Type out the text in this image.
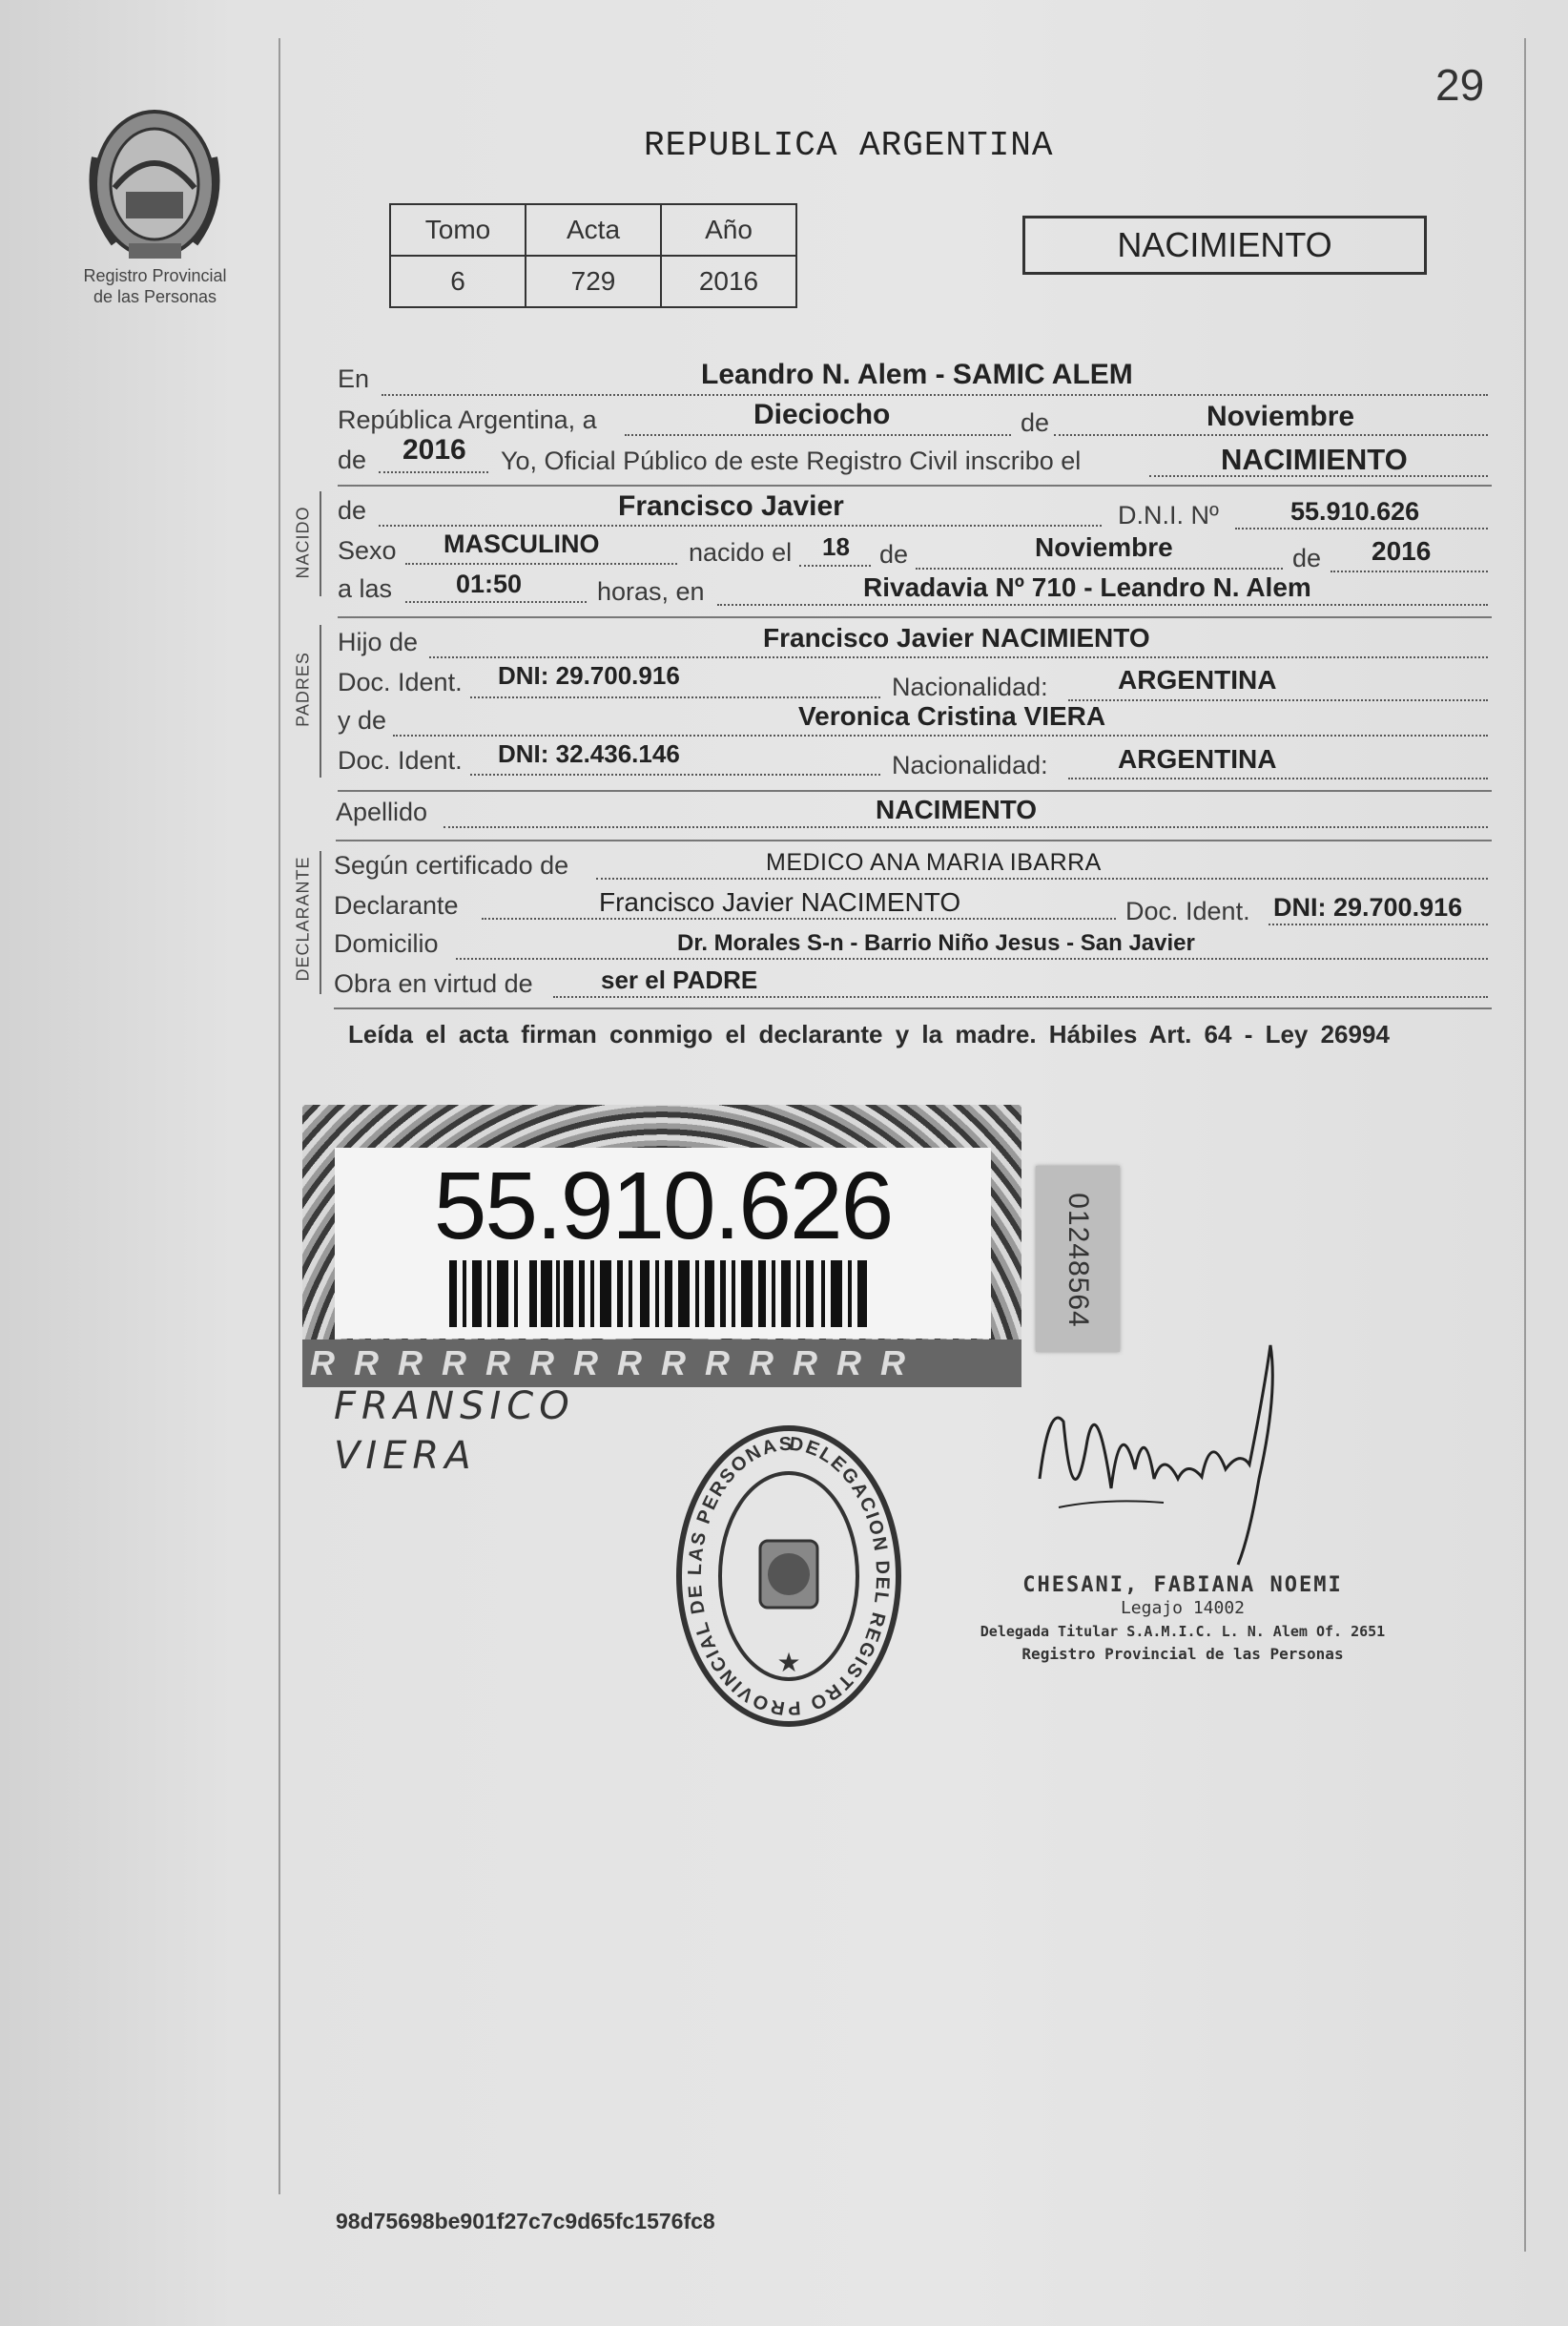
29
Registro Provincial
de las Personas
REPUBLICA ARGENTINA
Tomo	Acta	Año
6	729	2016
NACIMIENTO
En	Leandro N. Alem - SAMIC ALEM
República Argentina, a	Dieciocho	de	Noviembre
de 2016 Yo, Oficial Público de este Registro Civil inscribo el	NACIMIENTO
NACIDO de	Francisco Javier	D.N.I. Nº	55.910.626
Sexo MASCULINO	nacido el 18 de	Noviembre	de 2016
a las 01:50	horas, en	Rivadavia Nº 710 - Leandro N. Alem
PADRES
Hijo de	Francisco Javier NACIMIENTO
Doc. Ident. DNI: 29.700.916	Nacionalidad:	ARGENTINA
y de	Veronica Cristina VIERA
Doc. Ident. DNI: 32.436.146	Nacionalidad:	ARGENTINA
Apellido	NACIMENTO
DECLARANTE Según certificado de	MEDICO ANA MARIA IBARRA
Declarante	Francisco Javier NACIMENTO	Doc. Ident. DNI: 29.700.916
Domicilio	Dr. Morales S-n - Barrio Niño Jesus - San Javier
Obra en virtud de	ser el PADRE
Leída el acta firman conmigo el declarante y la madre. Hábiles Art. 64 - Ley 26994
R R R R R R R R R R R R R R
55.910.626	01248564
FRANSICO
VIERA	DELEGACION DEL REGISTRO PROVINCIAL DE LAS PERSONAS
★
CHESANI, FABIANA NOEMI
Legajo 14002
Delegada Titular S.A.M.I.C. L. N. Alem Of. 2651
Registro Provincial de las Personas
98d75698be901f27c7c9d65fc1576fc8
